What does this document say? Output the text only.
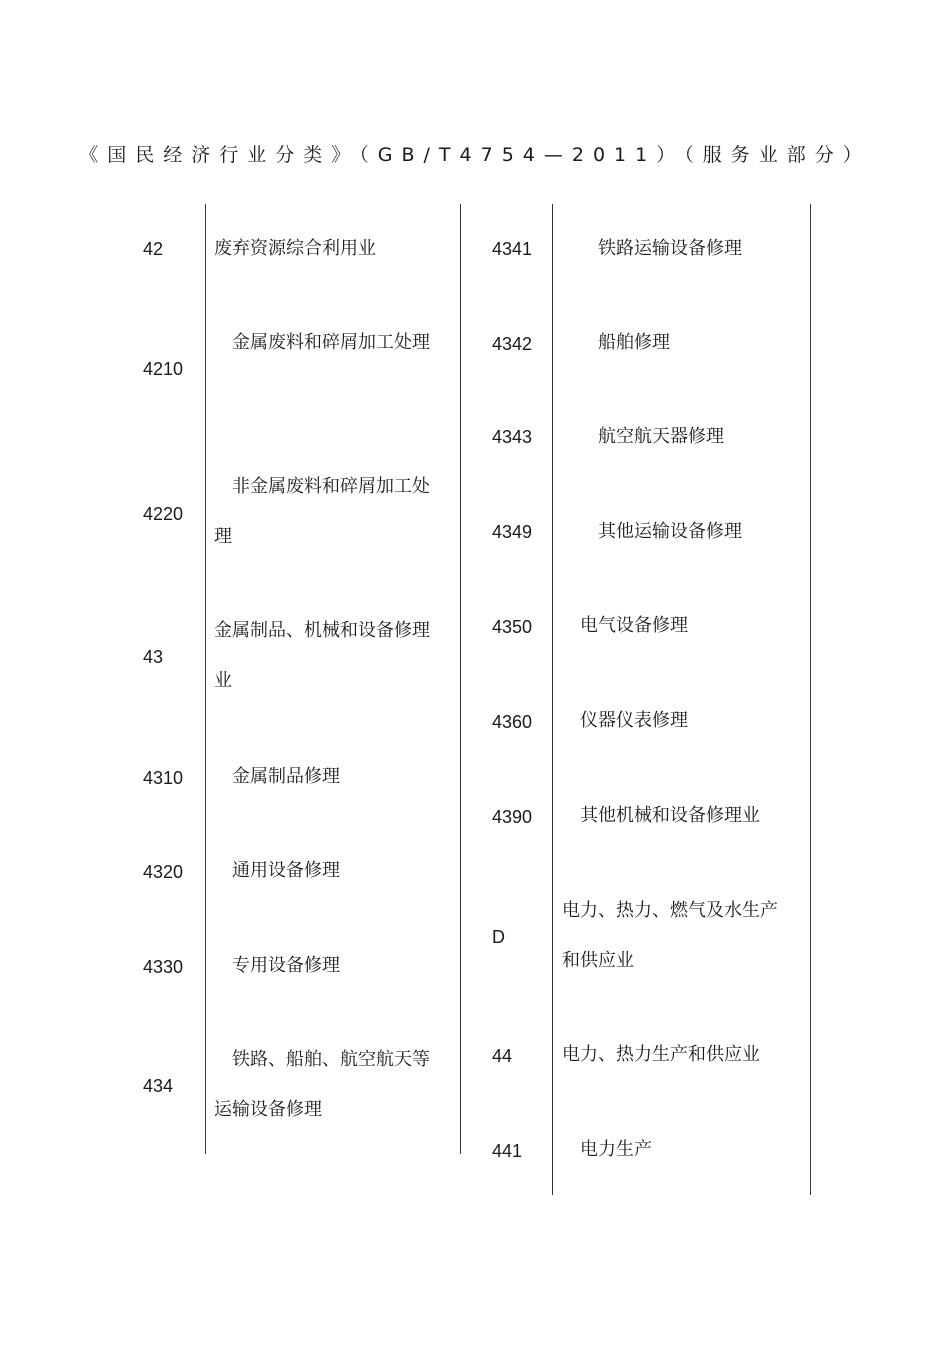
《国民经济行业分类》（GB/T4754—2011）（服务业部分）
42	废弃资源综合利用业
4210
　金属废料和碎屑加工处理
4220
　非金属废料和碎屑加工处理
43
金属制品、机械和设备修理业
4310 　金属制品修理
4320 　通用设备修理
4330 　专用设备修理
434
　铁路、船舶、航空航天等运输设备修理
4341 　　铁路运输设备修理
4342 　　船舶修理
4343 　　航空航天器修理
4349 　　其他运输设备修理
4350 　电气设备修理
4360 　仪器仪表修理
4390 　其他机械和设备修理业
D
电力、热力、燃气及水生产和供应业
44	电力、热力生产和供应业
441 　电力生产
